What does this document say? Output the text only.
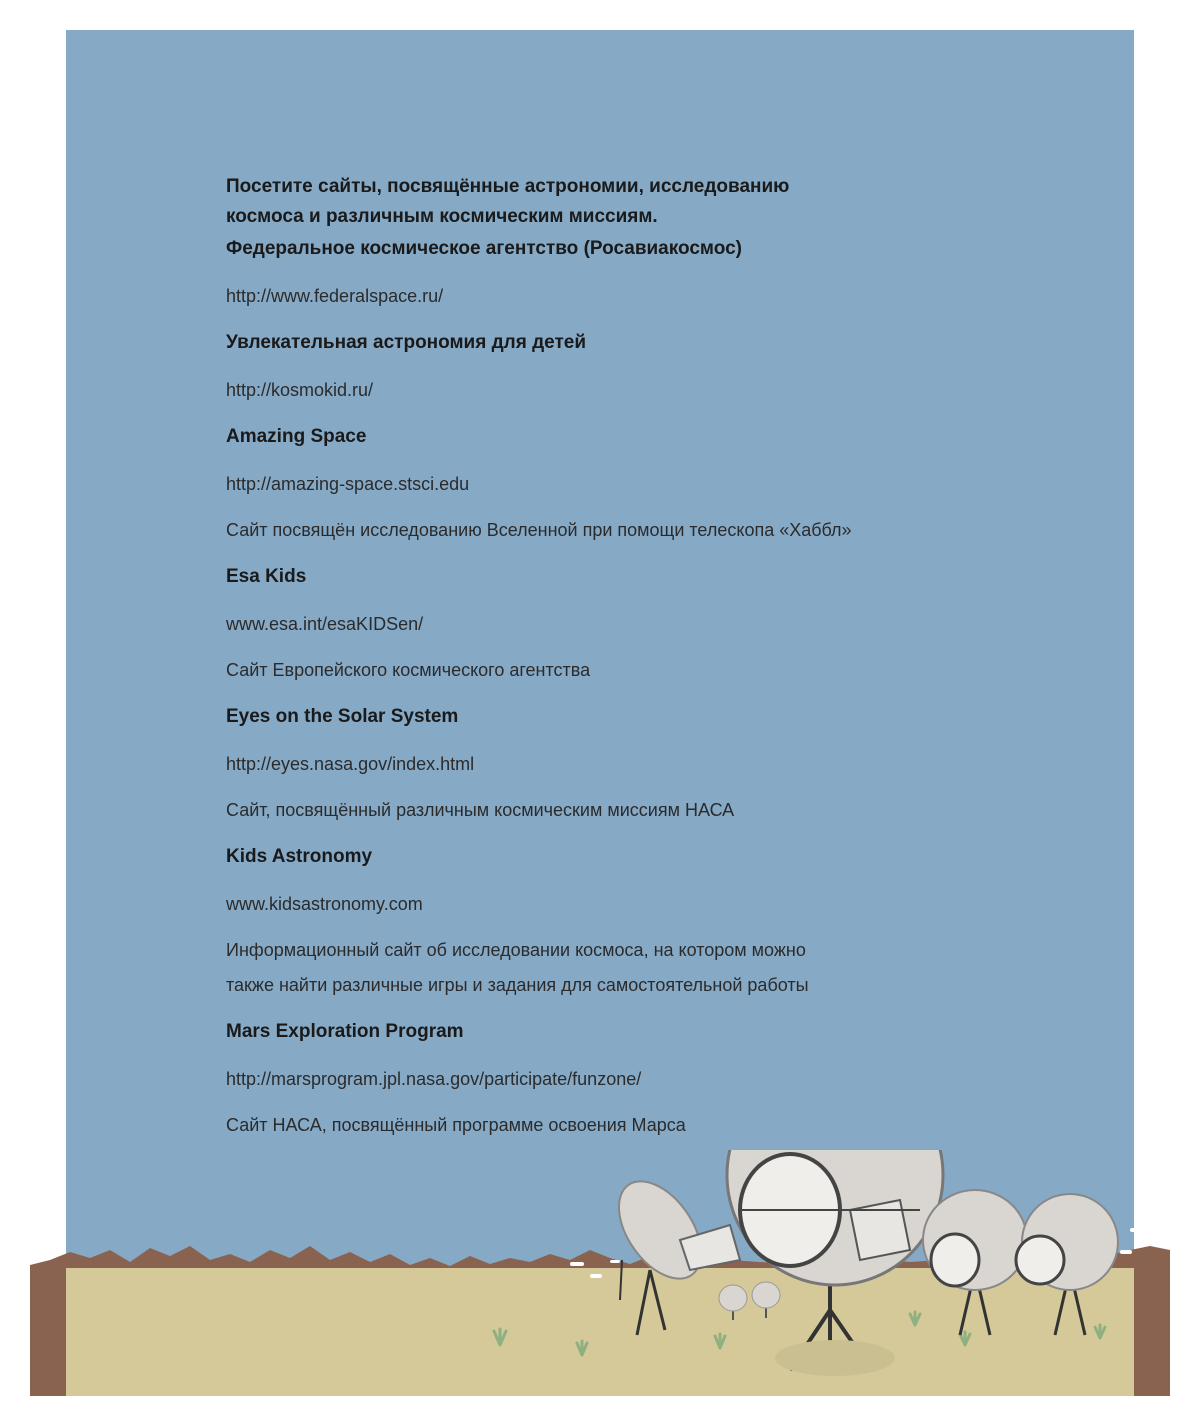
Посетите сайты, посвящённые астрономии, исследованию
космоса и различным космическим миссиям.

Федеральное космическое агентство (Росавиакосмос)

http://www.federalspace.ru/

Увлекательная астрономия для детей

http://kosmokid.ru/

Amazing Space

http://amazing-space.stsci.edu

Сайт посвящён исследованию Вселенной при помощи телескопа «Хаббл»

Esa Kids

www.esa.int/esaKIDSen/

Сайт Европейского космического агентства

Eyes on the Solar System

http://eyes.nasa.gov/index.html

Сайт, посвящённый различным космическим миссиям НАСА

Kids Astronomy

www.kidsastronomy.com

Информационный сайт об исследовании космоса, на котором можно
также найти различные игры и задания для самостоятельной работы

Mars Exploration Program

http://marsprogram.jpl.nasa.gov/participate/funzone/

Сайт НАСА, посвящённый программе освоения Марса
